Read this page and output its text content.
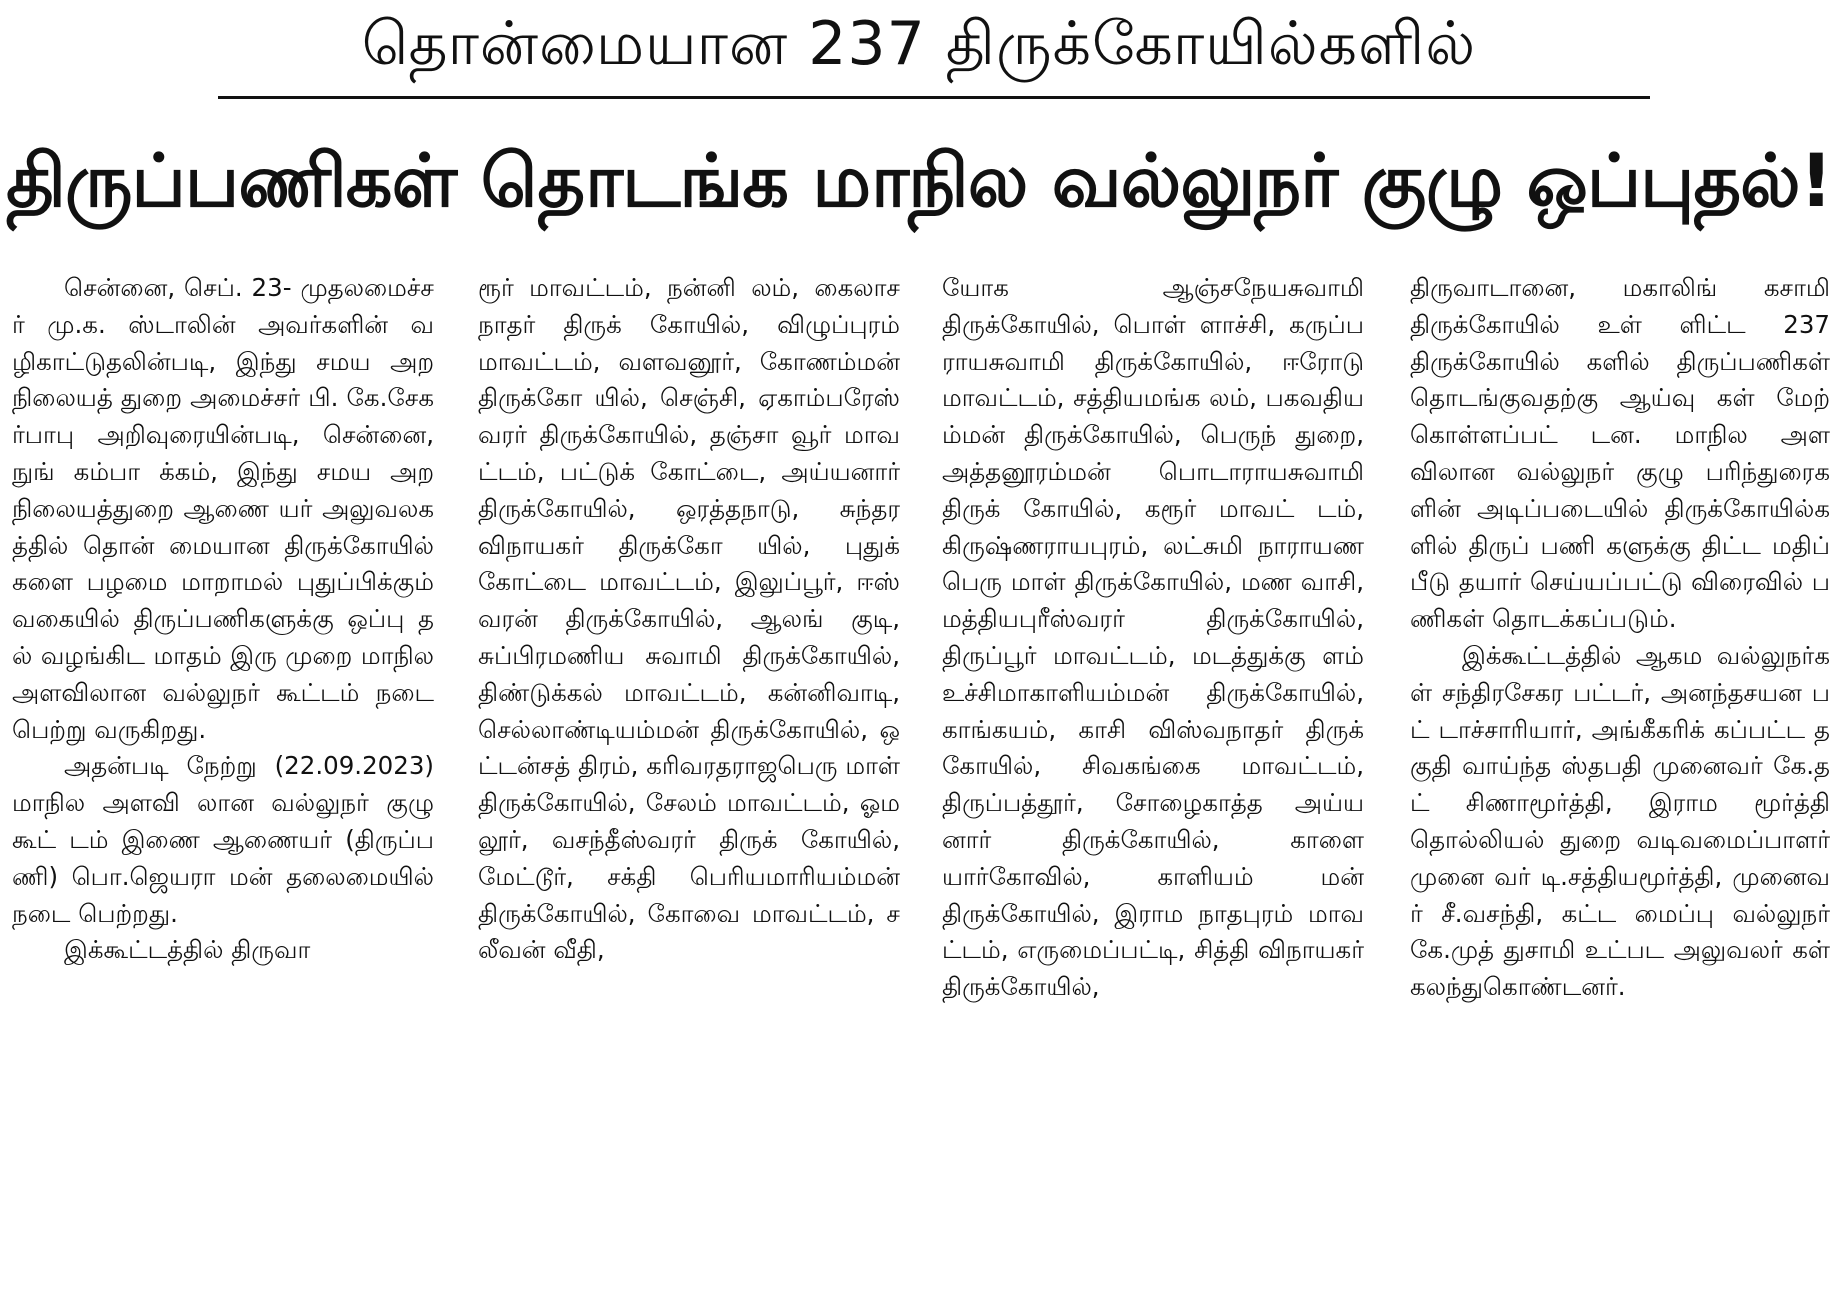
தொன்மையான 237 திருக்கோயில்களில்
திருப்பணிகள் தொடங்க மாநில வல்லுநர் குழு ஒப்புதல்!

சென்னை, செப். 23- முதலமைச்சர் மு.க. ஸ்டாலின் அவர்களின் வழிகாட்டுதலின்படி, இந்து சமய அறநிலையத் துறை அமைச்சர் பி. கே.சேகர்பாபு அறிவுரையின்படி, சென்னை, நுங் கம்பா க்கம், இந்து சமய அறநிலையத்துறை ஆணை யர் அலுவலகத்தில் தொன் மையான திருக்கோயில் களை பழமை மாறாமல் புதுப்பிக்கும் வகையில் திருப்பணிகளுக்கு ஒப்பு தல் வழங்கிட மாதம் இரு முறை மாநில அளவிலான வல்லுநர் கூட்டம் நடை பெற்று வருகிறது.

அதன்படி நேற்று (22.09.2023) மாநில அளவி லான வல்லுநர் குழு கூட் டம் இணை ஆணையர் (திருப்பணி) பொ.ஜெயரா மன் தலைமையில் நடை பெற்றது.

இக்கூட்டத்தில் திருவா

ரூர் மாவட்டம், நன்னி லம், கைலாசநாதர் திருக் கோயில், விழுப்புரம் மாவட்டம், வளவனூர், கோணம்மன் திருக்கோ யில், செஞ்சி, ஏகாம்பரேஸ் வரர் திருக்கோயில், தஞ்சா வூர் மாவட்டம், பட்டுக் கோட்டை, அய்யனார் திருக்கோயில், ஒரத்தநாடு, சுந்தரவிநாயகர் திருக்கோ யில், புதுக் கோட்டை மாவட்டம், இலுப்பூர், ஈஸ் வரன் திருக்கோயில், ஆலங் குடி, சுப்பிரமணிய சுவாமி திருக்கோயில், திண்டுக்கல் மாவட்டம், கன்னிவாடி, செல்லாண்டியம்மன் திருக்கோயில், ஒட்டன்சத் திரம், கரிவரதராஜபெரு மாள் திருக்கோயில், சேலம் மாவட்டம், ஓம லூர், வசந்தீஸ்வரர் திருக் கோயில், மேட்டூர், சக்தி பெரியமாரியம்மன் திருக்கோயில், கோவை மாவட்டம், சலீவன் வீதி,

யோக ஆஞ்சநேயசுவாமி திருக்கோயில், பொள் ளாச்சி, கருப்பராயசுவாமி திருக்கோயில், ஈரோடு மாவட்டம், சத்தியமங்க லம், பகவதியம்மன் திருக்கோயில், பெருந் துறை, அத்தனூரம்மன் பொடாராயசுவாமி திருக் கோயில், கரூர் மாவட் டம், கிருஷ்ணராயபுரம், லட்சுமி நாராயண பெரு மாள் திருக்கோயில், மண வாசி, மத்தியபுரீஸ்வரர் திருக்கோயில், திருப்பூர் மாவட்டம், மடத்துக்கு ளம் உச்சிமாகாளியம்மன் திருக்கோயில், காங்கயம், காசி விஸ்வநாதர் திருக் கோயில், சிவகங்கை மாவட்டம், திருப்பத்தூர், சோழைகாத்த அய்யனார் திருக்கோயில், காளை யார்கோவில், காளியம் மன் திருக்கோயில், இராம நாதபுரம் மாவட்டம், எருமைப்பட்டி, சித்தி விநாயகர் திருக்கோயில்,

திருவாடானை, மகாலிங் கசாமி திருக்கோயில் உள் ளிட்ட 237 திருக்கோயில் களில் திருப்பணிகள் தொடங்குவதற்கு ஆய்வு கள் மேற் கொள்ளப்பட் டன. மாநில அளவிலான வல்லுநர் குழு பரிந்துரைக ளின் அடிப்படையில் திருக்கோயில்களில் திருப் பணி களுக்கு திட்ட மதிப் பீடு தயார் செய்யப்பட்டு விரைவில் பணிகள் தொடக்கப்படும்.

இக்கூட்டத்தில் ஆகம வல்லுநர்கள் சந்திரசேகர பட்டர், அனந்தசயன பட் டாச்சாரியார், அங்கீகரிக் கப்பட்ட தகுதி வாய்ந்த ஸ்தபதி முனைவர் கே.தட் சிணாமூர்த்தி, இராம மூர்த்தி தொல்லியல் துறை வடிவமைப்பாளர் முனை வர் டி.சத்தியமூர்த்தி, முனைவர் சீ.வசந்தி, கட்ட மைப்பு வல்லுநர் கே.முத் துசாமி உட்பட அலுவலர் கள் கலந்துகொண்டனர்.
